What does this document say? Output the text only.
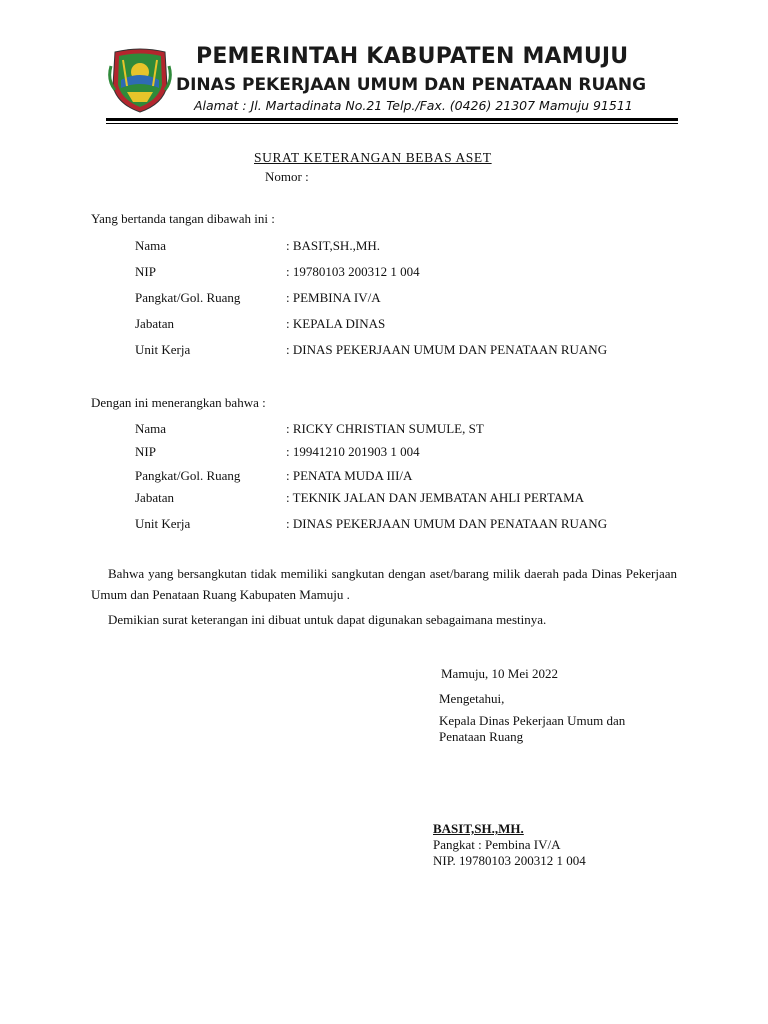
PEMERINTAH KABUPATEN MAMUJU
DINAS PEKERJAAN UMUM DAN PENATAAN RUANG
Alamat : Jl. Martadinata No.21 Telp./Fax. (0426) 21307 Mamuju 91511
SURAT KETERANGAN BEBAS ASET
Nomor :
Yang bertanda tangan dibawah ini :
Nama	: BASIT,SH.,MH.
NIP	: 19780103 200312 1 004
Pangkat/Gol. Ruang	: PEMBINA IV/A
Jabatan	: KEPALA DINAS
Unit Kerja	: DINAS PEKERJAAN UMUM DAN PENATAAN RUANG
Dengan ini menerangkan bahwa :
Nama	: RICKY CHRISTIAN SUMULE, ST
NIP	: 19941210 201903 1 004
Pangkat/Gol. Ruang	: PENATA MUDA III/A
Jabatan	: TEKNIK JALAN DAN JEMBATAN AHLI PERTAMA
Unit Kerja	: DINAS PEKERJAAN UMUM DAN PENATAAN RUANG
Bahwa yang bersangkutan tidak memiliki sangkutan dengan aset/barang milik daerah pada Dinas Pekerjaan Umum dan Penataan Ruang Kabupaten Mamuju .
Demikian surat keterangan ini dibuat untuk dapat digunakan sebagaimana mestinya.
Mamuju, 10 Mei 2022
Mengetahui,
Kepala Dinas Pekerjaan Umum dan
Penataan Ruang
BASIT,SH.,MH.
Pangkat : Pembina IV/A
NIP. 19780103 200312 1 004
